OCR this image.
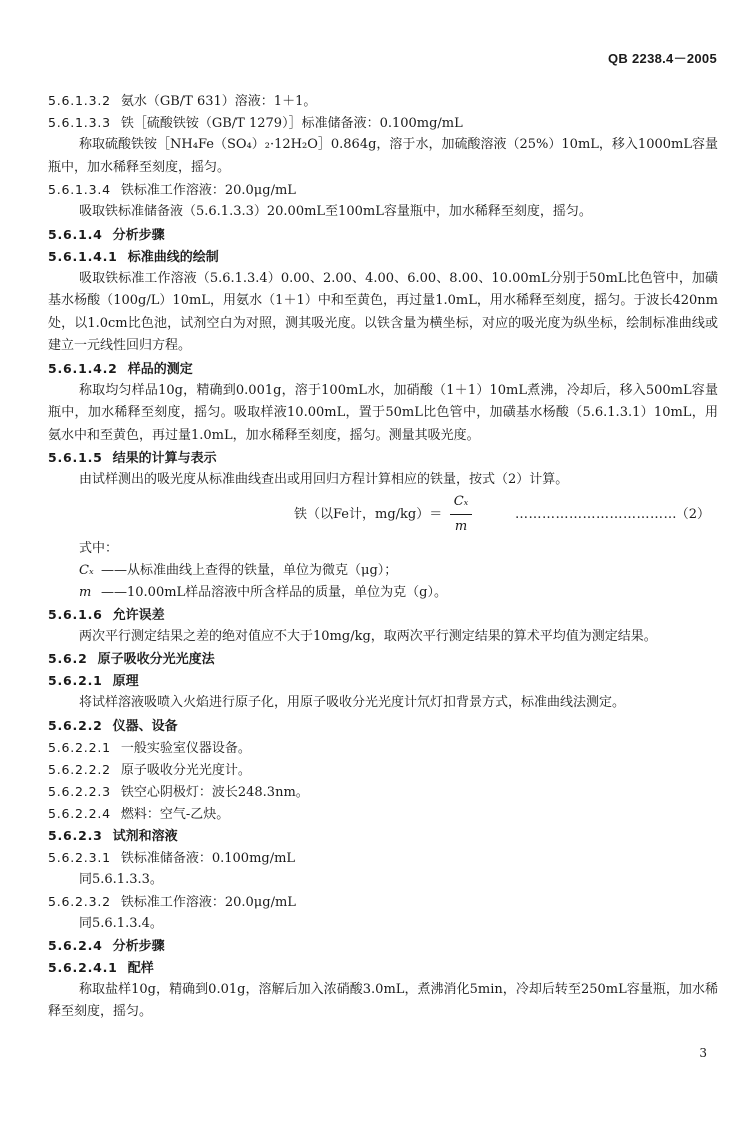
QB 2238.4－2005
5.6.1.3.2 氨水（GB/T 631）溶液：1＋1。
5.6.1.3.3 铁［硫酸铁铵（GB/T 1279）］标准储备液：0.100mg/mL
称取硫酸铁铵［NH₄Fe（SO₄）₂·12H₂O］0.864g，溶于水，加硫酸溶液（25%）10mL，移入1000mL容量瓶中，加水稀释至刻度，摇匀。
5.6.1.3.4 铁标准工作溶液：20.0μg/mL
吸取铁标准储备液（5.6.1.3.3）20.00mL至100mL容量瓶中，加水稀释至刻度，摇匀。
5.6.1.4 分析步骤
5.6.1.4.1 标准曲线的绘制
吸取铁标准工作溶液（5.6.1.3.4）0.00、2.00、4.00、6.00、8.00、10.00mL分别于50mL比色管中，加磺基水杨酸（100g/L）10mL，用氨水（1＋1）中和至黄色，再过量1.0mL，用水稀释至刻度，摇匀。于波长420nm处，以1.0cm比色池，试剂空白为对照，测其吸光度。以铁含量为横坐标，对应的吸光度为纵坐标，绘制标准曲线或建立一元线性回归方程。
5.6.1.4.2 样品的测定
称取均匀样品10g，精确到0.001g，溶于100mL水，加硝酸（1＋1）10mL煮沸，冷却后，移入500mL容量瓶中，加水稀释至刻度，摇匀。吸取样液10.00mL，置于50mL比色管中，加磺基水杨酸（5.6.1.3.1）10mL，用氨水中和至黄色，再过量1.0mL，加水稀释至刻度，摇匀。测量其吸光度。
5.6.1.5 结果的计算与表示
由试样测出的吸光度从标准曲线查出或用回归方程计算相应的铁量，按式（2）计算。
铁（以Fe计，mg/kg）＝
Cₓ
m
………………………………
（2）
式中：
Cₓ ——从标准曲线上查得的铁量，单位为微克（μg）；
m ——10.00mL样品溶液中所含样品的质量，单位为克（g）。
5.6.1.6 允许误差
两次平行测定结果之差的绝对值应不大于10mg/kg，取两次平行测定结果的算术平均值为测定结果。
5.6.2 原子吸收分光光度法
5.6.2.1 原理
将试样溶液吸喷入火焰进行原子化，用原子吸收分光光度计氘灯扣背景方式，标准曲线法测定。
5.6.2.2 仪器、设备
5.6.2.2.1 一般实验室仪器设备。
5.6.2.2.2 原子吸收分光光度计。
5.6.2.2.3 铁空心阴极灯：波长248.3nm。
5.6.2.2.4 燃料：空气-乙炔。
5.6.2.3 试剂和溶液
5.6.2.3.1 铁标准储备液：0.100mg/mL
同5.6.1.3.3。
5.6.2.3.2 铁标准工作溶液：20.0μg/mL
同5.6.1.3.4。
5.6.2.4 分析步骤
5.6.2.4.1 配样
称取盐样10g，精确到0.01g，溶解后加入浓硝酸3.0mL，煮沸消化5min，冷却后转至250mL容量瓶，加水稀释至刻度，摇匀。
3
